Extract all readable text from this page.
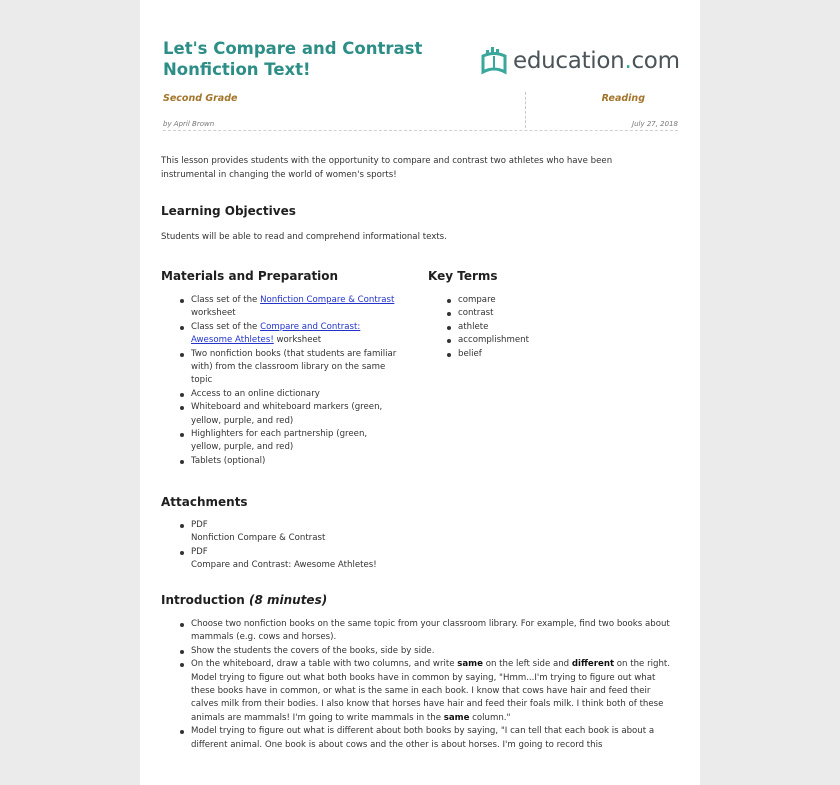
Let's Compare and Contrast
Nonfiction Text!	education.com
Second Grade	Reading
by April Brown	July 27, 2018

This lesson provides students with the opportunity to compare and contrast two athletes who have been
instrumental in changing the world of women's sports!

Learning Objectives

Students will be able to read and comprehend informational texts.

Materials and Preparation
Class set of the Nonfiction Compare & Contrast worksheet
Class set of the Compare and Contrast: Awesome Athletes! worksheet
Two nonfiction books (that students are familiar with) from the classroom library on the same topic
Access to an online dictionary
Whiteboard and whiteboard markers (green, yellow, purple, and red)
Highlighters for each partnership (green, yellow, purple, and red)
Tablets (optional)
Key Terms
compare
contrast
athlete
accomplishment
belief
Attachments
PDF
Nonfiction Compare & Contrast
PDF
Compare and Contrast: Awesome Athletes!
Introduction (8 minutes)
Choose two nonfiction books on the same topic from your classroom library. For example, find two books about mammals (e.g. cows and horses).
Show the students the covers of the books, side by side.
On the whiteboard, draw a table with two columns, and write same on the left side and different on the right. Model trying to figure out what both books have in common by saying, "Hmm...I'm trying to figure out what these books have in common, or what is the same in each book. I know that cows have hair and feed their calves milk from their bodies. I also know that horses have hair and feed their foals milk. I think both of these animals are mammals! I'm going to write mammals in the same column."
Model trying to figure out what is different about both books by saying, "I can tell that each book is about a different animal. One book is about cows and the other is about horses. I'm going to record this
